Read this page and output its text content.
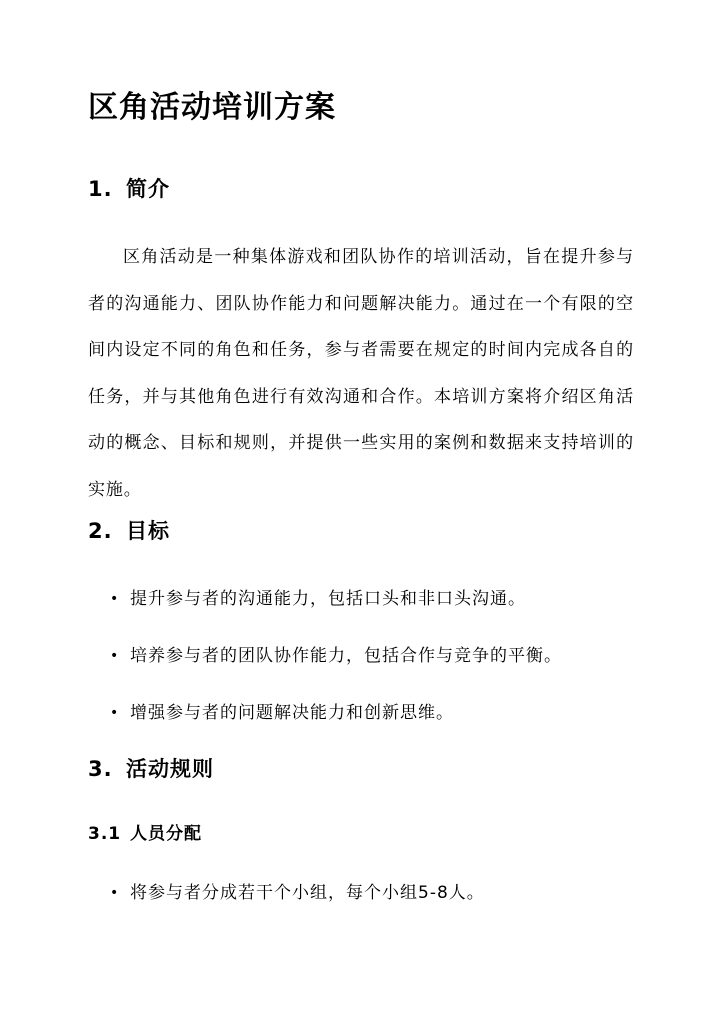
区角活动培训方案
1. 简介

区角活动是一种集体游戏和团队协作的培训活动，旨在提升参与者的沟通能力、团队协作能力和问题解决能力。通过在一个有限的空间内设定不同的角色和任务，参与者需要在规定的时间内完成各自的任务，并与其他角色进行有效沟通和合作。本培训方案将介绍区角活动的概念、目标和规则，并提供一些实用的案例和数据来支持培训的实施。

2. 目标
• 提升参与者的沟通能力，包括口头和非口头沟通。
• 培养参与者的团队协作能力，包括合作与竞争的平衡。
• 增强参与者的问题解决能力和创新思维。
3. 活动规则
3.1 人员分配
• 将参与者分成若干个小组，每个小组5-8人。
